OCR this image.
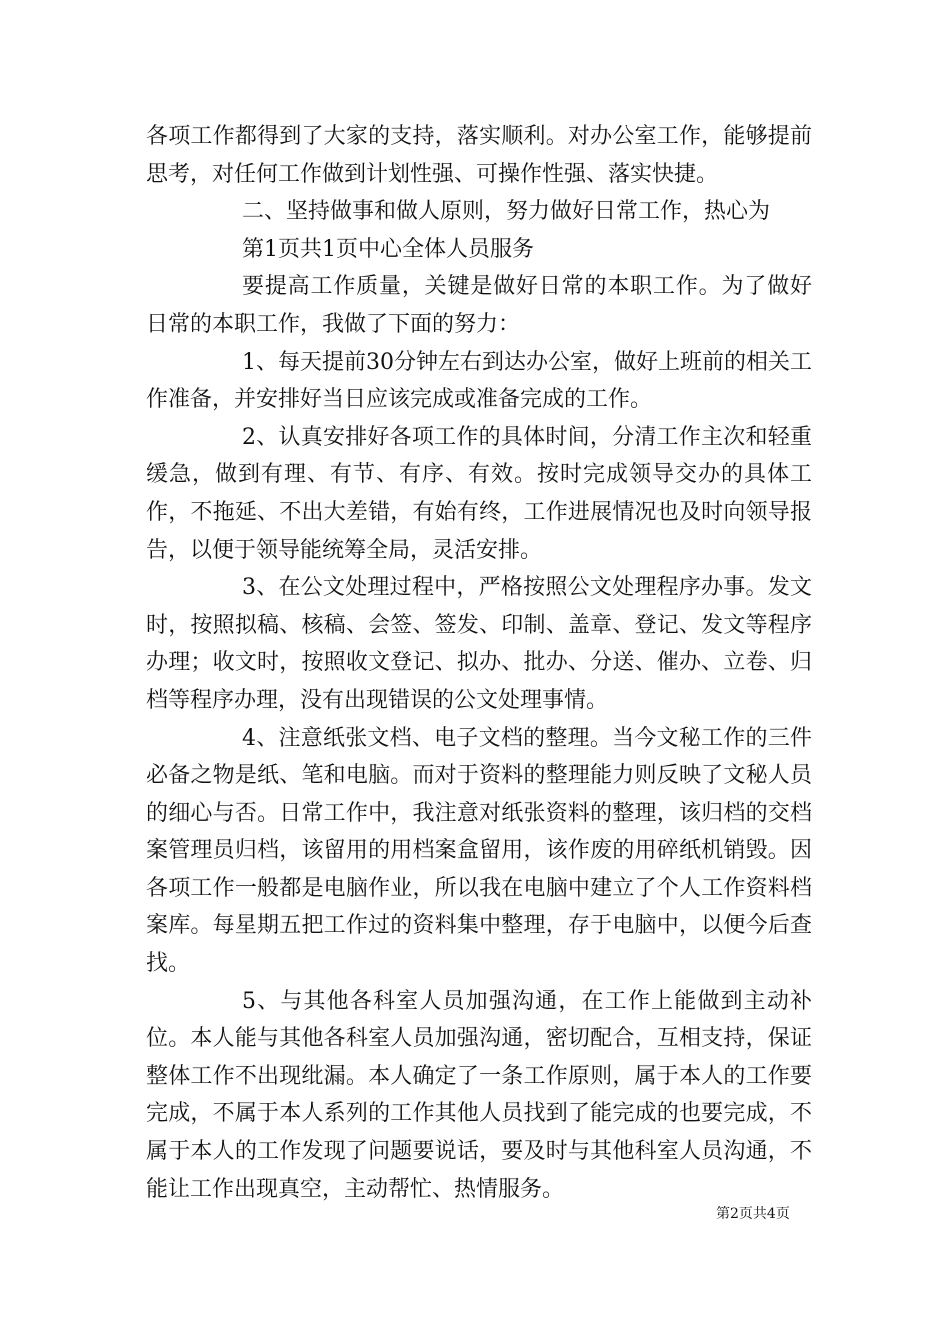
各项工作都得到了大家的支持，落实顺利。对办公室工作，能够提前思考，对任何工作做到计划性强、可操作性强、落实快捷。

二、坚持做事和做人原则，努力做好日常工作，热心为

第1页共1页中心全体人员服务

要提高工作质量，关键是做好日常的本职工作。为了做好日常的本职工作，我做了下面的努力：

1、每天提前30分钟左右到达办公室，做好上班前的相关工作准备，并安排好当日应该完成或准备完成的工作。

2、认真安排好各项工作的具体时间，分清工作主次和轻重缓急，做到有理、有节、有序、有效。按时完成领导交办的具体工作，不拖延、不出大差错，有始有终，工作进展情况也及时向领导报告，以便于领导能统筹全局，灵活安排。

3、在公文处理过程中，严格按照公文处理程序办事。发文时，按照拟稿、核稿、会签、签发、印制、盖章、登记、发文等程序办理；收文时，按照收文登记、拟办、批办、分送、催办、立卷、归档等程序办理，没有出现错误的公文处理事情。

4、注意纸张文档、电子文档的整理。当今文秘工作的三件必备之物是纸、笔和电脑。而对于资料的整理能力则反映了文秘人员的细心与否。日常工作中，我注意对纸张资料的整理，该归档的交档案管理员归档，该留用的用档案盒留用，该作废的用碎纸机销毁。因各项工作一般都是电脑作业，所以我在电脑中建立了个人工作资料档案库。每星期五把工作过的资料集中整理，存于电脑中，以便今后查找。

5、与其他各科室人员加强沟通，在工作上能做到主动补位。本人能与其他各科室人员加强沟通，密切配合，互相支持，保证整体工作不出现纰漏。本人确定了一条工作原则，属于本人的工作要完成，不属于本人系列的工作其他人员找到了能完成的也要完成，不属于本人的工作发现了问题要说话，要及时与其他科室人员沟通，不能让工作出现真空，主动帮忙、热情服务。

第2页共4页
